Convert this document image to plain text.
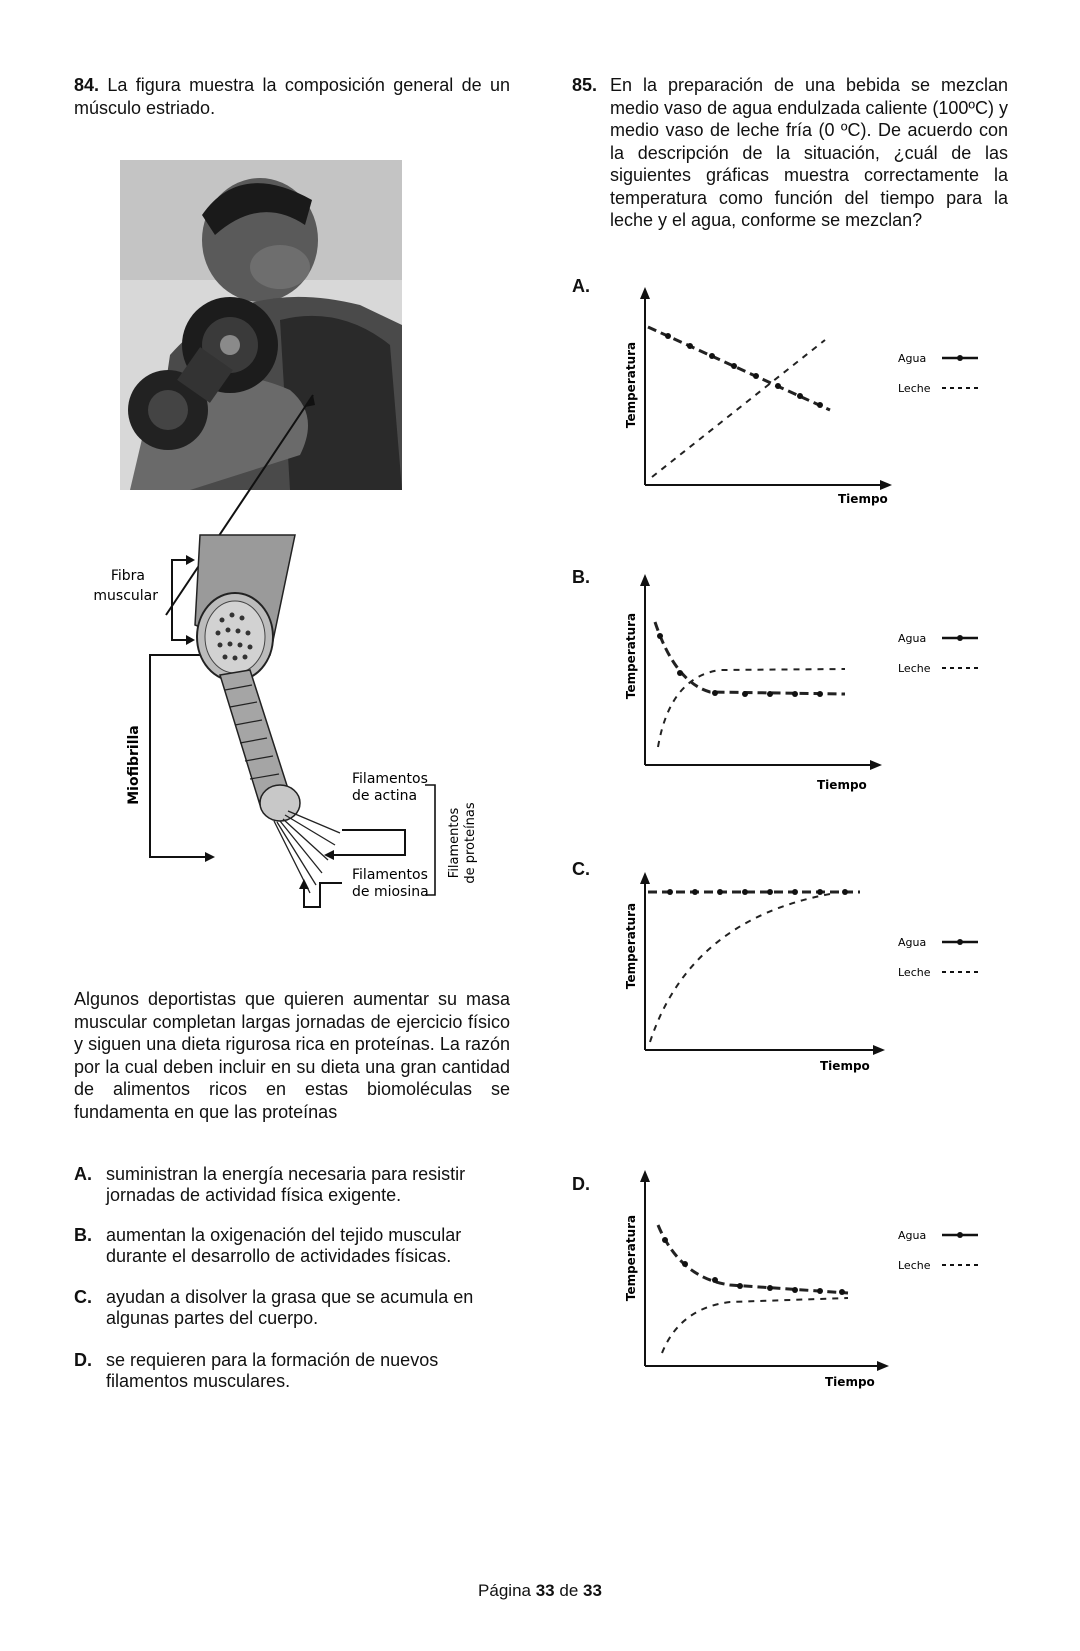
84. La figura muestra la composición general de un músculo estriado.
Fibra
muscular
Miofibrilla	Filamentos
de actina
Filamentos
de miosina
Filamentos de proteínas
Algunos deportistas que quieren aumentar su masa muscular completan largas jornadas de ejercicio físico y siguen una dieta rigurosa rica en proteínas. La razón por la cual deben incluir en su dieta una gran cantidad de alimentos ricos en estas biomoléculas se fundamenta en que las proteínas
A. suministran la energía necesaria para resistir jornadas de actividad física exigente.
B. aumentan la oxigenación del tejido muscular durante el desarrollo de actividades físicas.
C. ayudan a disolver la grasa que se acumula en algunas partes del cuerpo.
D. se requieren para la formación de nuevos filamentos musculares.
85. En la preparación de una bebida se mezclan medio vaso de agua endulzada caliente (100ºC) y medio vaso de leche fría (0 ºC). De acuerdo con la descripción de la situación, ¿cuál de las siguientes gráficas muestra correctamente la temperatura como función del tiempo para la leche y el agua, conforme se mezclan?
A.
Temperatura
Tiempo
Agua
Leche
B.
Temperatura
Tiempo
Agua
Leche
C.
Temperatura
Tiempo
Agua
Leche
D.
Temperatura
Tiempo
Agua
Leche
Página 33 de 33
